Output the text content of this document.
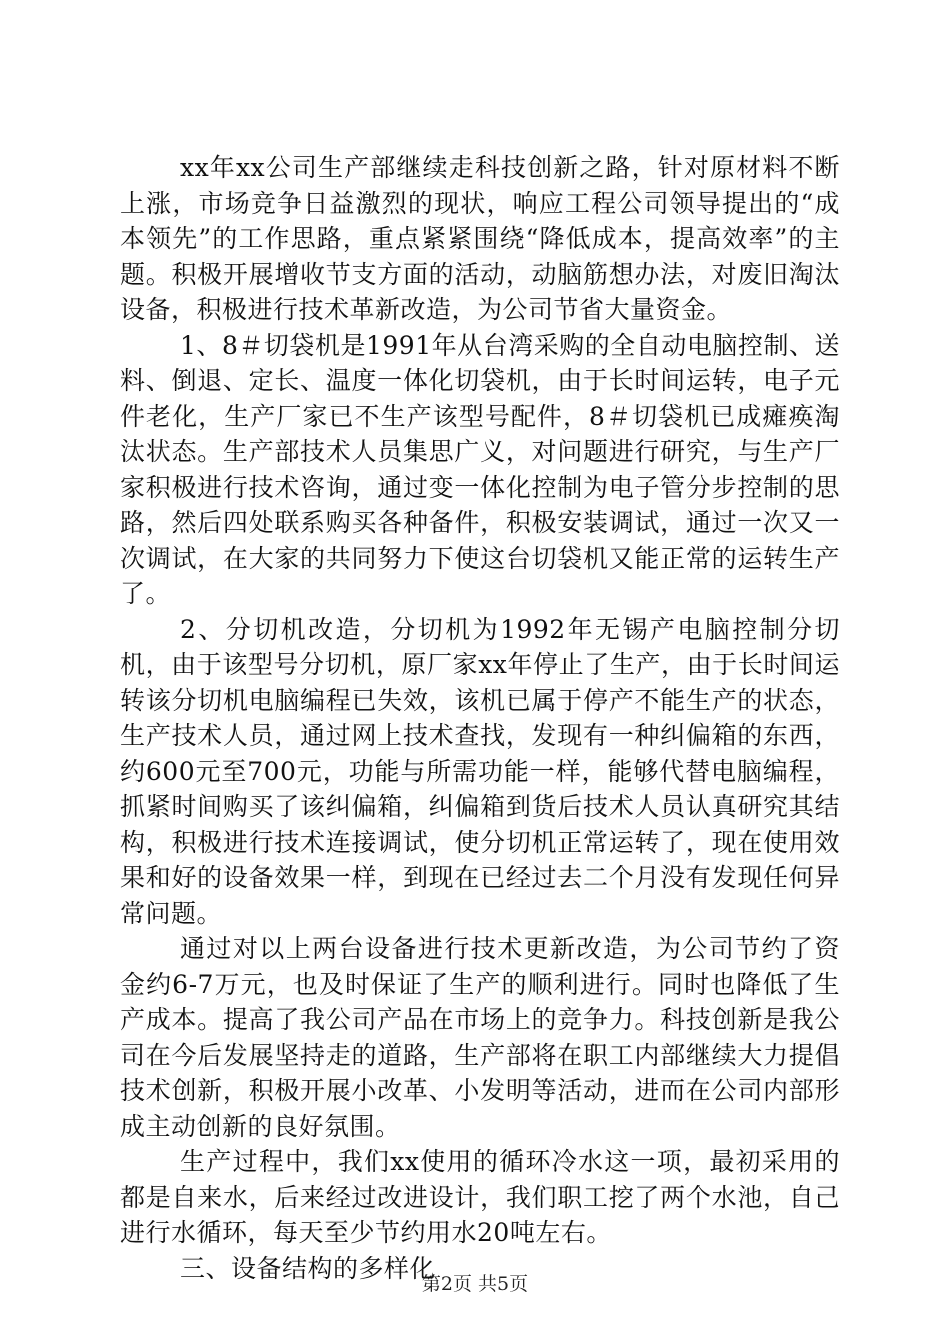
xx年xx公司生产部继续走科技创新之路，针对原材料不断上涨，市场竞争日益激烈的现状，响应工程公司领导提出的“成本领先”的工作思路，重点紧紧围绕“降低成本，提高效率”的主题。积极开展增收节支方面的活动，动脑筋想办法，对废旧淘汰设备，积极进行技术革新改造，为公司节省大量资金。

1、8＃切袋机是1991年从台湾采购的全自动电脑控制、送料、倒退、定长、温度一体化切袋机，由于长时间运转，电子元件老化，生产厂家已不生产该型号配件，8＃切袋机已成瘫痪淘汰状态。生产部技术人员集思广义，对问题进行研究，与生产厂家积极进行技术咨询，通过变一体化控制为电子管分步控制的思路，然后四处联系购买各种备件，积极安装调试，通过一次又一次调试，在大家的共同努力下使这台切袋机又能正常的运转生产了。

2、分切机改造，分切机为1992年无锡产电脑控制分切机，由于该型号分切机，原厂家xx年停止了生产，由于长时间运转该分切机电脑编程已失效，该机已属于停产不能生产的状态，生产技术人员，通过网上技术查找，发现有一种纠偏箱的东西，约600元至700元，功能与所需功能一样，能够代替电脑编程，抓紧时间购买了该纠偏箱，纠偏箱到货后技术人员认真研究其结构，积极进行技术连接调试，使分切机正常运转了，现在使用效果和好的设备效果一样，到现在已经过去二个月没有发现任何异常问题。

通过对以上两台设备进行技术更新改造，为公司节约了资金约6-7万元，也及时保证了生产的顺利进行。同时也降低了生产成本。提高了我公司产品在市场上的竞争力。科技创新是我公司在今后发展坚持走的道路，生产部将在职工内部继续大力提倡技术创新，积极开展小改革、小发明等活动，进而在公司内部形成主动创新的良好氛围。

生产过程中，我们xx使用的循环冷水这一项，最初采用的都是自来水，后来经过改进设计，我们职工挖了两个水池，自己进行水循环，每天至少节约用水20吨左右。

三、设备结构的多样化

第2页 共5页
